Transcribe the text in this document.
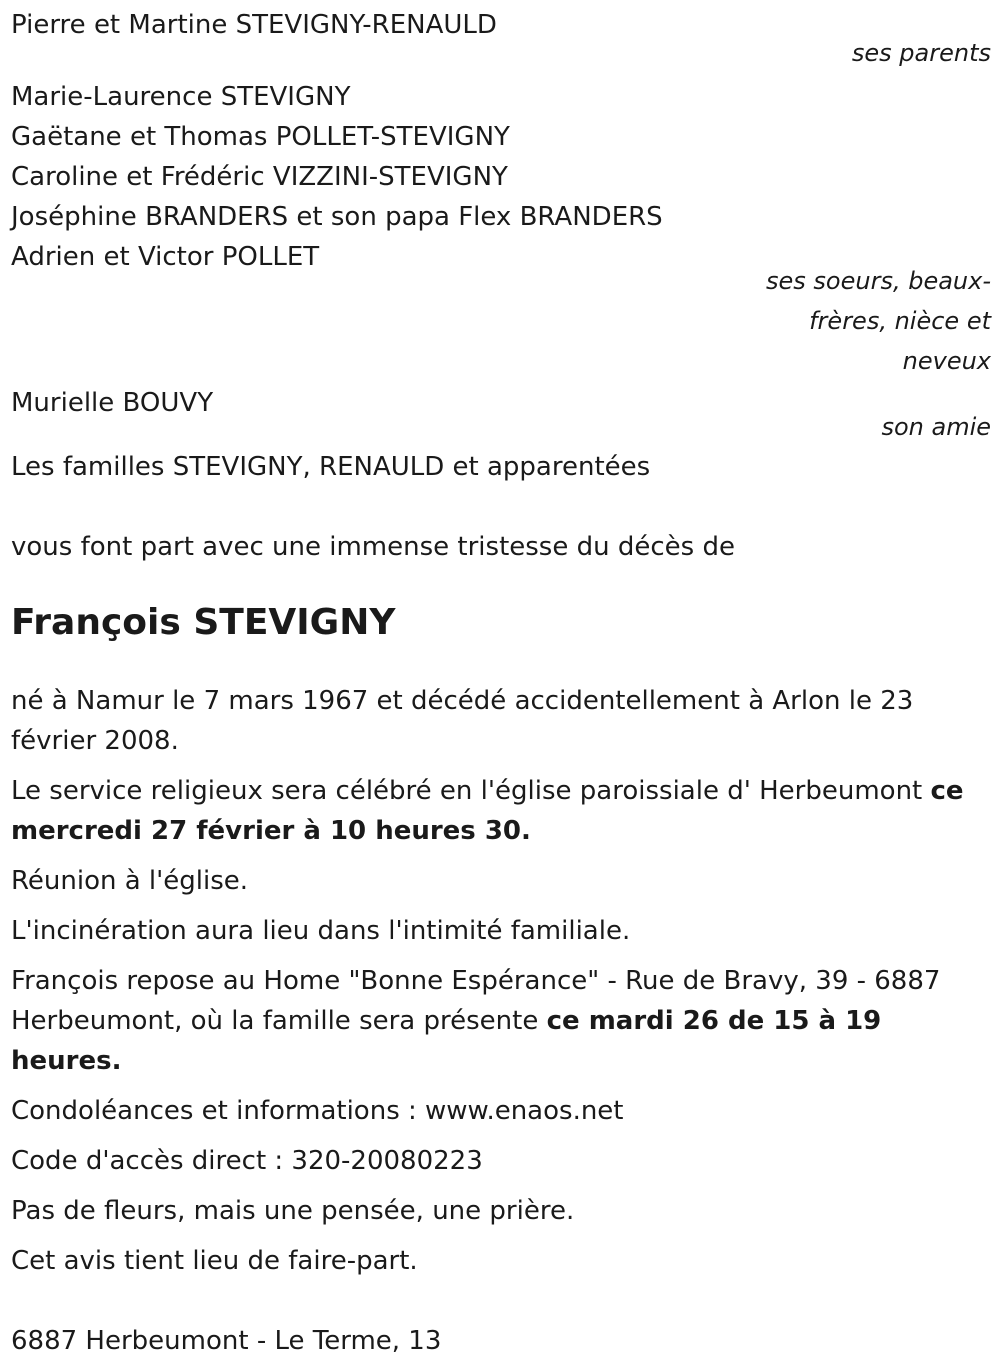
Pierre et Martine STEVIGNY-RENAULD

ses parents

Marie-Laurence STEVIGNY

Gaëtane et Thomas POLLET-STEVIGNY

Caroline et Frédéric VIZZINI-STEVIGNY

Joséphine BRANDERS et son papa Flex BRANDERS

Adrien et Victor POLLET

ses soeurs, beaux-frères, nièce et neveux

Murielle BOUVY

son amie

Les familles STEVIGNY, RENAULD et apparentées

vous font part avec une immense tristesse du décès de

François STEVIGNY

né à Namur le 7 mars 1967 et décédé accidentellement à Arlon le 23 février 2008.

Le service religieux sera célébré en l'église paroissiale d' Herbeumont ce mercredi 27 février à 10 heures 30.

Réunion à l'église.

L'incinération aura lieu dans l'intimité familiale.

François repose au Home "Bonne Espérance" - Rue de Bravy, 39 - 6887 Herbeumont, où la famille sera présente ce mardi 26 de 15 à 19 heures.

Condoléances et informations : www.enaos.net

Code d'accès direct : 320-20080223

Pas de fleurs, mais une pensée, une prière.

Cet avis tient lieu de faire-part.

6887 Herbeumont - Le Terme, 13
